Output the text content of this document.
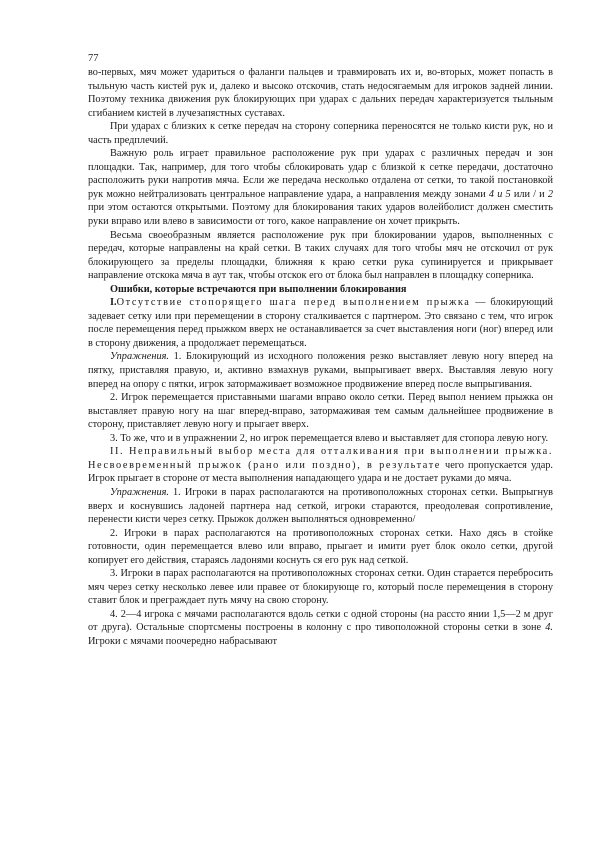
77

во-первых, мяч может удариться о фаланги пальцев и травмировать их и, во-вторых, может попасть в тыльную часть кистей рук и, далеко и высоко отскочив, стать недосягаемым для игроков задней линии. Поэтому техника движения рук блокирующих при ударах с дальних передач характеризуется тыльным сгибанием кистей в лучезапястных суставах.

При ударах с близких к сетке передач на сторону соперника переносятся не только кисти рук, но и часть предплечий.

Важную роль играет правильное расположение рук при ударах с различных передач и зон площадки. Так, например, для того чтобы сблокировать удар с близкой к сетке передачи, достаточно расположить руки напротив мяча. Если же передача несколько отдалена от сетки, то такой постановкой рук можно нейтрализовать центральное направление удара, а направления между зонами 4 и 5 или / и 2 при этом остаются открытыми. Поэтому для блокирования таких ударов волейболист должен сместить руки вправо или влево в зависимости от того, какое направление он хочет прикрыть.

Весьма своеобразным является расположение рук при блокировании ударов, выполненных с передач, которые направлены на край сетки. В таких случаях для того чтобы мяч не отскочил от рук блокирующего за пределы площадки, ближняя к краю сетки рука супинируется и прикрывает направление отскока мяча в аут так, чтобы отскок его от блока был направлен в площадку соперника.

Ошибки, которые встречаются при выполнении блокирования

I.Отсутствие стопорящего шага перед выполнением прыжка — блокирующий задевает сетку или при перемещении в сторону сталкивается с партнером. Это связано с тем, что игрок после перемещения перед прыжком вверх не останавливается за счет выставления ноги (ног) вперед или в сторону движения, а продолжает перемещаться.

Упражнения. 1. Блокирующий из исходного положения резко выставляет левую ногу вперед на пятку, приставляя правую, и, активно взмахнув руками, выпрыгивает вверх. Выставляя левую ногу вперед на опору с пятки, игрок затормаживает возможное продвижение вперед после выпрыгивания.

2. Игрок перемещается приставными шагами вправо около сетки. Перед выпол нением прыжка он выставляет правую ногу на шаг вперед-вправо, затормаживая тем самым дальнейшее продвижение в сторону, приставляет левую ногу и прыгает вверх.

3. То же, что и в упражнении 2, но игрок перемещается влево и выставляет для стопора левую ногу.

II. Неправильный выбор места для отталкивания при выполнении прыжка. Несвоевременный прыжок (рано или поздно), в результате чего пропускается удар. Игрок прыгает в стороне от места выполнения нападающего удара и не достает руками до мяча.

Упражнения. 1. Игроки в парах располагаются на противоположных сторонах сетки. Выпрыгнув вверх и коснувшись ладоней партнера над сеткой, игроки стараются, преодолевая сопротивление, перенести кисти через сетку. Прыжок должен выполняться одновременно/

2. Игроки в парах располагаются на противоположных сторонах сетки. Нахо дясь в стойке готовности, один перемещается влево или вправо, прыгает и имити рует блок около сетки, другой копирует его действия, стараясь ладонями коснуть ся его рук над сеткой.

3. Игроки в парах располагаются на противоположных сторонах сетки. Один старается перебросить мяч через сетку несколько левее или правее от блокирующе го, который после перемещения в сторону ставит блок и преграждает путь мячу на свою сторону.

4. 2—4 игрока с мячами располагаются вдоль сетки с одной стороны (на рассто янии 1,5—2 м друг от друга). Остальные спортсмены построены в колонну с про тивоположной стороны сетки в зоне 4. Игроки с мячами поочередно набрасывают
